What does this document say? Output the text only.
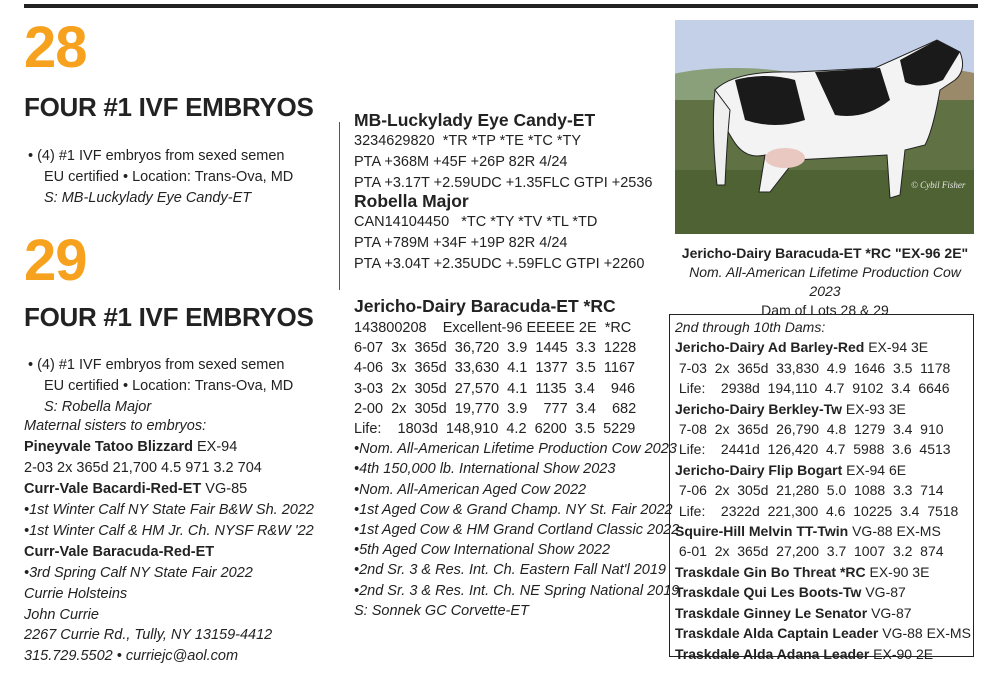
28
FOUR #1 IVF EMBRYOS
• (4) #1 IVF embryos from sexed semen
EU certified • Location: Trans-Ova, MD
S: MB-Luckylady Eye Candy-ET
29
FOUR #1 IVF EMBRYOS
• (4) #1 IVF embryos from sexed semen
EU certified • Location: Trans-Ova, MD
S: Robella Major
Maternal sisters to embryos:
Pineyvale Tatoo Blizzard EX-94
2-03 2x 365d 21,700 4.5 971 3.2 704
Curr-Vale Bacardi-Red-ET VG-85
•1st Winter Calf NY State Fair B&W Sh. 2022
•1st Winter Calf & HM Jr. Ch. NYSF R&W '22
Curr-Vale Baracuda-Red-ET
•3rd Spring Calf NY State Fair 2022
Currie Holsteins
John Currie
2267 Currie Rd., Tully, NY 13159-4412
315.729.5502 • curriejc@aol.com
MB-Luckylady Eye Candy-ET
3234629820  *TR *TP *TE *TC *TY
PTA +368M +45F +26P 82R 4/24
PTA +3.17T +2.59UDC +1.35FLC GTPI +2536
Robella Major
CAN14104450   *TC *TY *TV *TL *TD
PTA +789M +34F +19P 82R 4/24
PTA +3.04T +2.35UDC +.59FLC GTPI +2260
Jericho-Dairy Baracuda-ET *RC
143800208    Excellent-96 EEEEE 2E  *RC
6-07  3x  365d  36,720  3.9  1445  3.3  1228
4-06  3x  365d  33,630  4.1  1377  3.5  1167
3-03  2x  305d  27,570  4.1  1135  3.4    946
2-00  2x  305d  19,770  3.9    777  3.4    682
Life:    1803d  148,910  4.2  6200  3.5  5229
•Nom. All-American Lifetime Production Cow 2023
•4th 150,000 lb. International Show 2023
•Nom. All-American Aged Cow 2022
•1st Aged Cow & Grand Champ. NY St. Fair 2022
•1st Aged Cow & HM Grand Cortland Classic 2022
•5th Aged Cow International Show 2022
•2nd Sr. 3 & Res. Int. Ch. Eastern Fall Nat'l 2019
•2nd Sr. 3 & Res. Int. Ch. NE Spring National 2019
S: Sonnek GC Corvette-ET
© Cybil Fisher
Jericho-Dairy Baracuda-ET *RC "EX-96 2E"
Nom. All-American Lifetime Production Cow 2023
Dam of Lots 28 & 29
2nd through 10th Dams:
Jericho-Dairy Ad Barley-Red EX-94 3E
7-03  2x  365d  33,830  4.9  1646  3.5  1178
Life:    2938d  194,110  4.7  9102  3.4  6646
Jericho-Dairy Berkley-Tw EX-93 3E
7-08  2x  365d  26,790  4.8  1279  3.4  910
Life:    2441d  126,420  4.7  5988  3.6  4513
Jericho-Dairy Flip Bogart EX-94 6E
7-06  2x  305d  21,280  5.0  1088  3.3  714
Life:    2322d  221,300  4.6  10225  3.4  7518
Squire-Hill Melvin TT-Twin VG-88 EX-MS
6-01  2x  365d  27,200  3.7  1007  3.2  874
Traskdale Gin Bo Threat *RC EX-90 3E
Traskdale Qui Les Boots-Tw VG-87
Traskdale Ginney Le Senator VG-87
Traskdale Alda Captain Leader VG-88 EX-MS
Traskdale Alda Adana Leader EX-90 2E
